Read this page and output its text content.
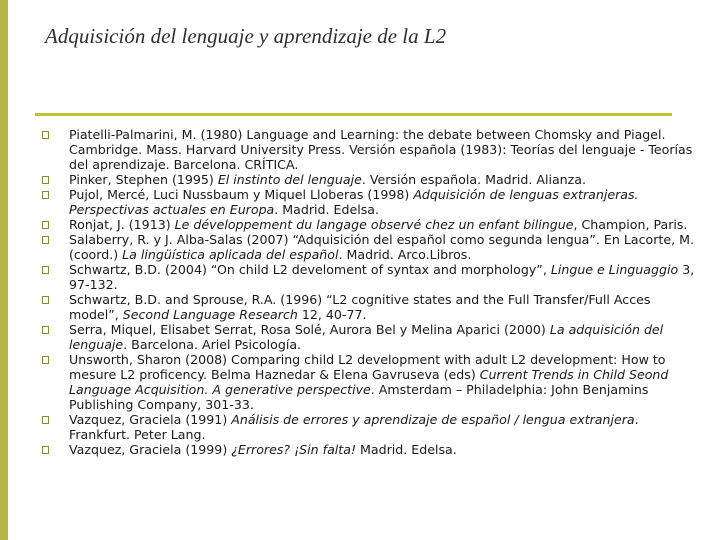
Adquisición del lenguaje y aprendizaje de la L2
Piatelli-Palmarini, M. (1980) Language and Learning: the debate between Chomsky and Piagel. Cambridge. Mass. Harvard University Press. Versión española (1983): Teorías del lenguaje - Teorías del aprendizaje. Barcelona. CRÍTICA.
Pinker, Stephen (1995) El instinto del lenguaje. Versión española. Madrid. Alianza.
Pujol, Mercé, Luci Nussbaum y Miquel Lloberas (1998) Adquisición de lenguas extranjeras. Perspectivas actuales en Europa. Madrid. Edelsa.
Ronjat, J. (1913) Le développement du langage observé chez un enfant bilingue, Champion, Paris.
Salaberry, R. y J. Alba-Salas (2007) “Adquisición del español como segunda lengua”. En Lacorte, M. (coord.) La lingüística aplicada del español. Madrid. Arco.Libros.
Schwartz, B.D. (2004) “On child L2 develoment of syntax and morphology”, Lingue e Linguaggio 3, 97-132.
Schwartz, B.D. and Sprouse, R.A. (1996) “L2 cognitive states and the Full Transfer/Full Acces model”, Second Language Research 12, 40-77.
Serra, Miquel, Elisabet Serrat, Rosa Solé, Aurora Bel y Melina Aparici (2000) La adquisición del lenguaje. Barcelona. Ariel Psicología.
Unsworth, Sharon (2008) Comparing child L2 development with adult L2 development: How to mesure L2 proficency. Belma Haznedar & Elena Gavruseva (eds) Current Trends in Child Seond Language Acquisition. A generative perspective. Amsterdam – Philadelphia: John Benjamins Publishing Company, 301-33.
Vazquez, Graciela (1991) Análisis de errores y aprendizaje de español / lengua extranjera. Frankfurt. Peter Lang.
Vazquez, Graciela (1999) ¿Errores? ¡Sin falta! Madrid. Edelsa.
